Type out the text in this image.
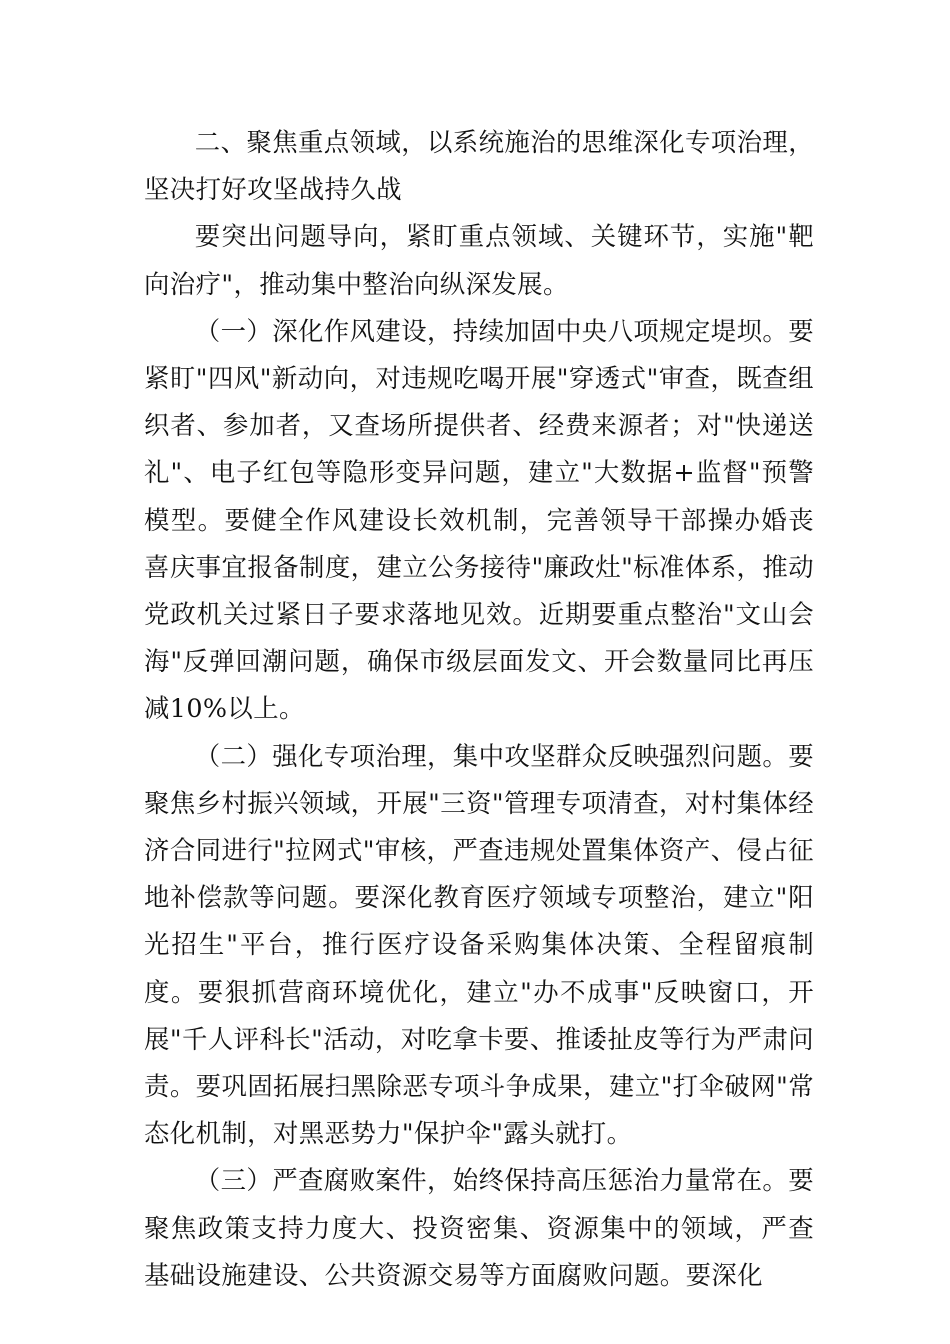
二、聚焦重点领域，以系统施治的思维深化专项治理，坚决打好攻坚战持久战

要突出问题导向，紧盯重点领域、关键环节，实施"靶向治疗"，推动集中整治向纵深发展。

（一）深化作风建设，持续加固中央八项规定堤坝。要紧盯"四风"新动向，对违规吃喝开展"穿透式"审查，既查组织者、参加者，又查场所提供者、经费来源者；对"快递送礼"、电子红包等隐形变异问题，建立"大数据+监督"预警模型。要健全作风建设长效机制，完善领导干部操办婚丧喜庆事宜报备制度，建立公务接待"廉政灶"标准体系，推动党政机关过紧日子要求落地见效。近期要重点整治"文山会海"反弹回潮问题，确保市级层面发文、开会数量同比再压减10%以上。

（二）强化专项治理，集中攻坚群众反映强烈问题。要聚焦乡村振兴领域，开展"三资"管理专项清查，对村集体经济合同进行"拉网式"审核，严查违规处置集体资产、侵占征地补偿款等问题。要深化教育医疗领域专项整治，建立"阳光招生"平台，推行医疗设备采购集体决策、全程留痕制度。要狠抓营商环境优化，建立"办不成事"反映窗口，开展"千人评科长"活动，对吃拿卡要、推诿扯皮等行为严肃问责。要巩固拓展扫黑除恶专项斗争成果，建立"打伞破网"常态化机制，对黑恶势力"保护伞"露头就打。

（三）严查腐败案件，始终保持高压惩治力量常在。要聚焦政策支持力度大、投资密集、资源集中的领域，严查基础设施建设、公共资源交易等方面腐败问题。要深化
